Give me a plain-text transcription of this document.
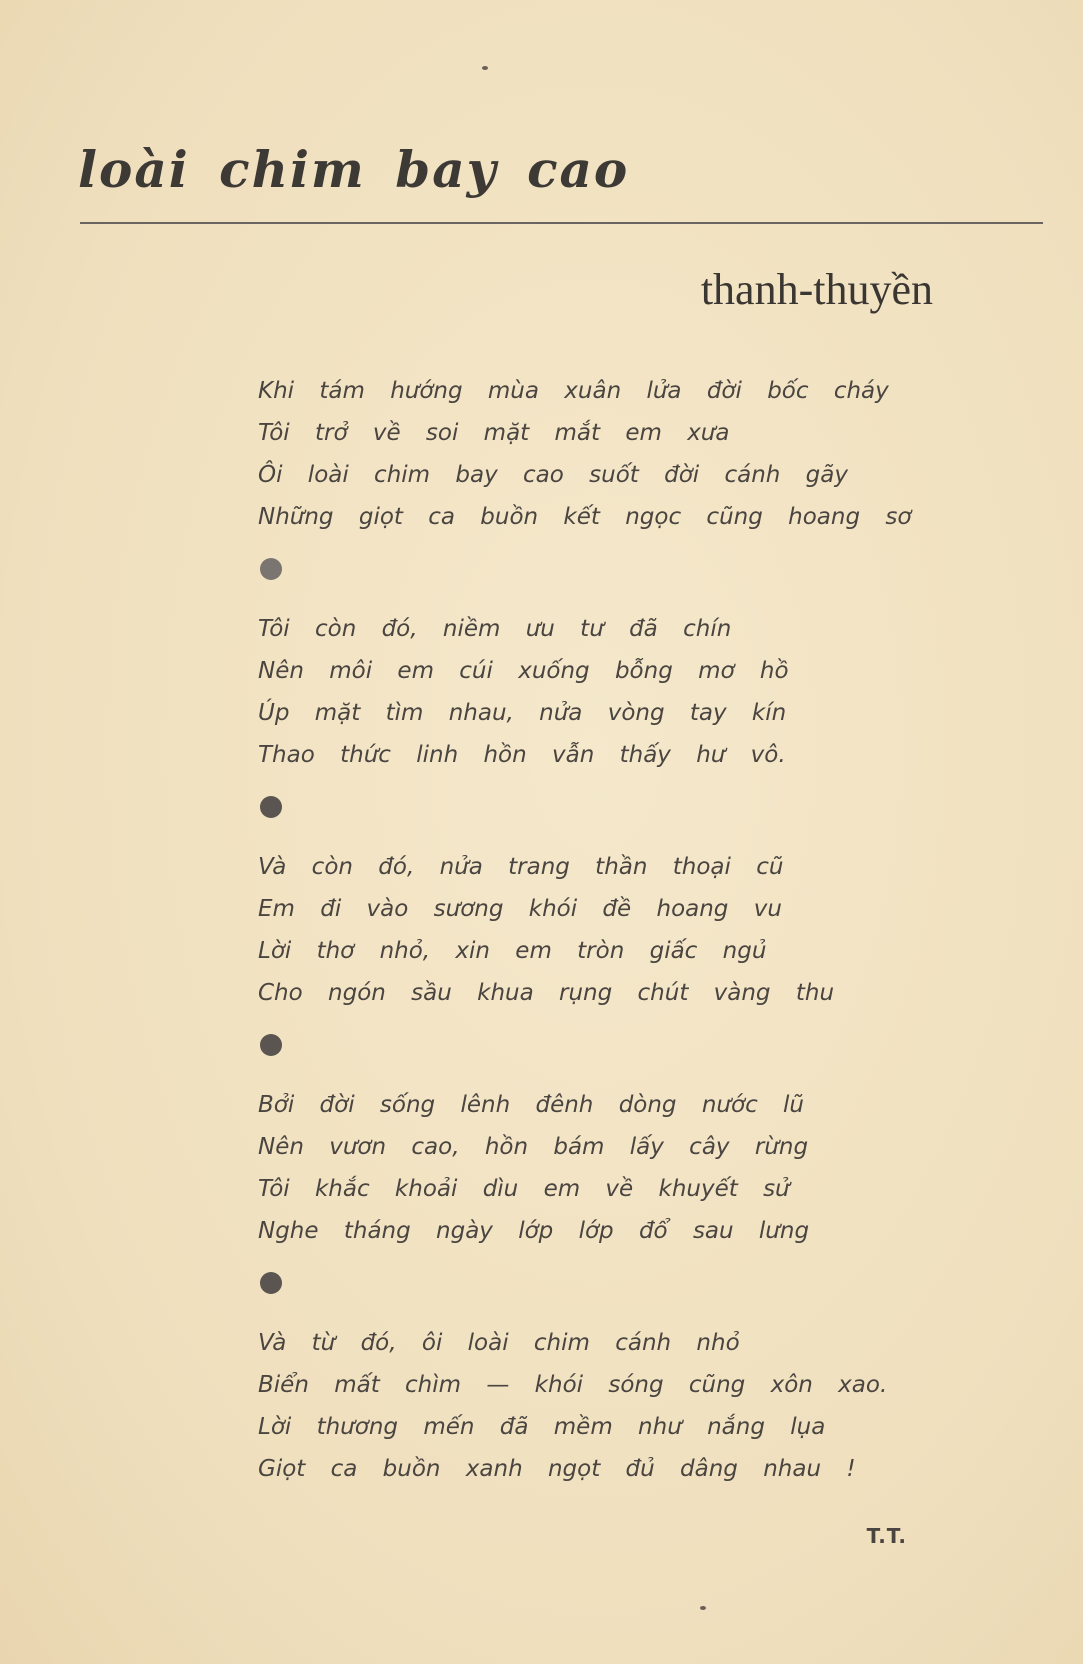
loài chim bay cao
thanh-thuyền
Khi tám hướng mùa xuân lửa đời bốc cháy
Tôi trở về soi mặt mắt em xưa
Ôi loài chim bay cao suốt đời cánh gãy
Những giọt ca buồn kết ngọc cũng hoang sơ
Tôi còn đó, niềm ưu tư đã chín
Nên môi em cúi xuống bỗng mơ hồ
Úp mặt tìm nhau, nửa vòng tay kín
Thao thức linh hồn vẫn thấy hư vô.
Và còn đó, nửa trang thần thoại cũ
Em đi vào sương khói đề hoang vu
Lời thơ nhỏ, xin em tròn giấc ngủ
Cho ngón sầu khua rụng chút vàng thu
Bởi đời sống lênh đênh dòng nước lũ
Nên vươn cao, hồn bám lấy cây rừng
Tôi khắc khoải dìu em về khuyết sử
Nghe tháng ngày lớp lớp đổ sau lưng
Và từ đó, ôi loài chim cánh nhỏ
Biển mất chìm — khói sóng cũng xôn xao.
Lời thương mến đã mềm như nắng lụa
Giọt ca buồn xanh ngọt đủ dâng nhau !
T.T.
